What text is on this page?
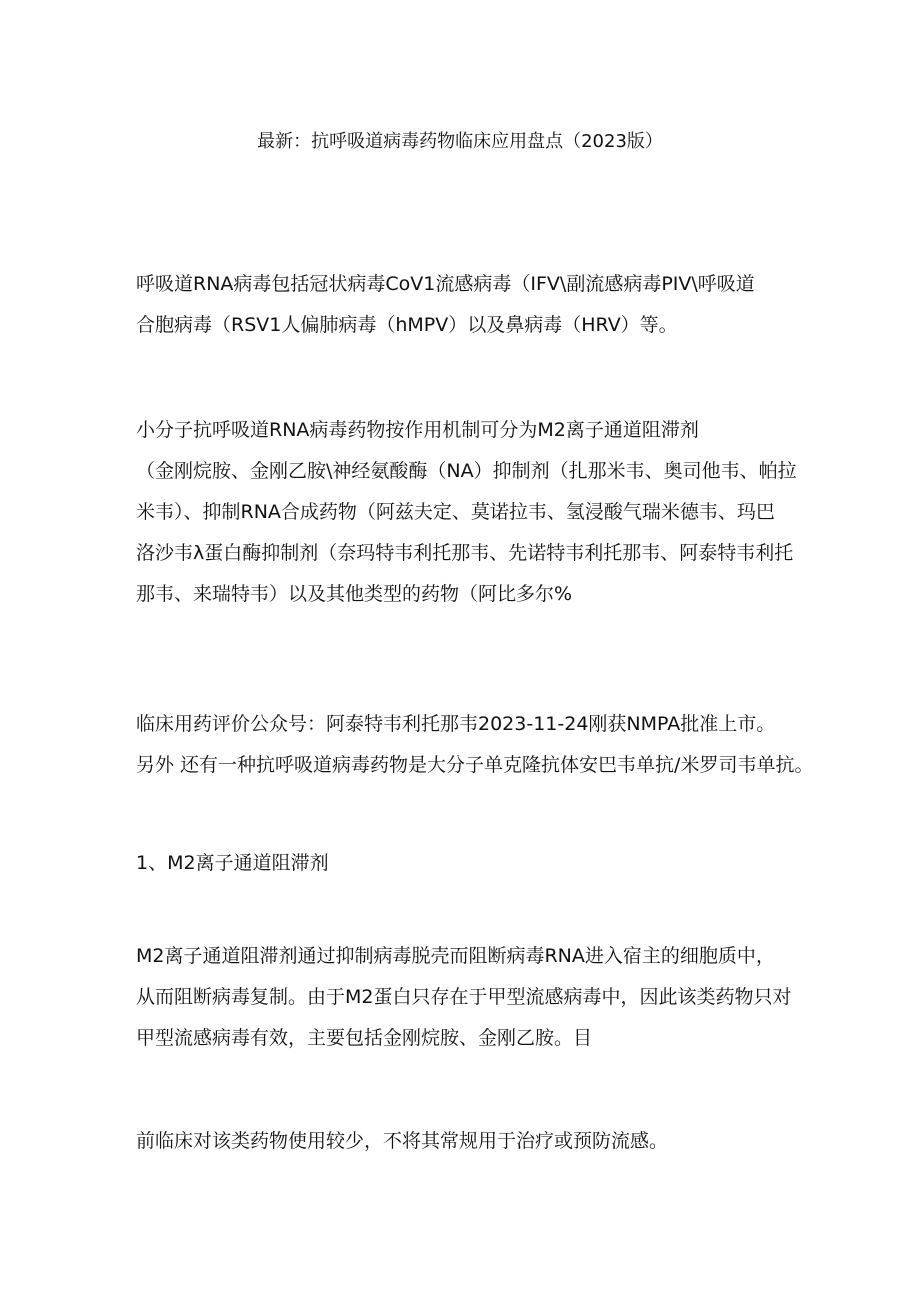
最新：抗呼吸道病毒药物临床应用盘点（2023版）

呼吸道RNA病毒包括冠状病毒CoV1流感病毒（IFV\副流感病毒PIV\呼吸道
合胞病毒（RSV1人偏肺病毒（hMPV）以及鼻病毒（HRV）等。

小分子抗呼吸道RNA病毒药物按作用机制可分为M2离子通道阻滞剂
（金刚烷胺、金刚乙胺\神经氨酸酶（NA）抑制剂（扎那米韦、奥司他韦、帕拉
米韦）、抑制RNA合成药物（阿兹夫定、莫诺拉韦、氢浸酸气瑞米德韦、玛巴
洛沙韦λ蛋白酶抑制剂（奈玛特韦利托那韦、先诺特韦利托那韦、阿泰特韦利托
那韦、来瑞特韦）以及其他类型的药物（阿比多尔%

临床用药评价公众号：阿泰特韦利托那韦2023-11-24刚获NMPA批准上市。
另外 还有一种抗呼吸道病毒药物是大分子单克隆抗体安巴韦单抗/米罗司韦单抗。

1、M2离子通道阻滞剂

M2离子通道阻滞剂通过抑制病毒脱壳而阻断病毒RNA进入宿主的细胞质中，
从而阻断病毒复制。由于M2蛋白只存在于甲型流感病毒中，因此该类药物只对
甲型流感病毒有效，主要包括金刚烷胺、金刚乙胺。目

前临床对该类药物使用较少，不将其常规用于治疗或预防流感。
